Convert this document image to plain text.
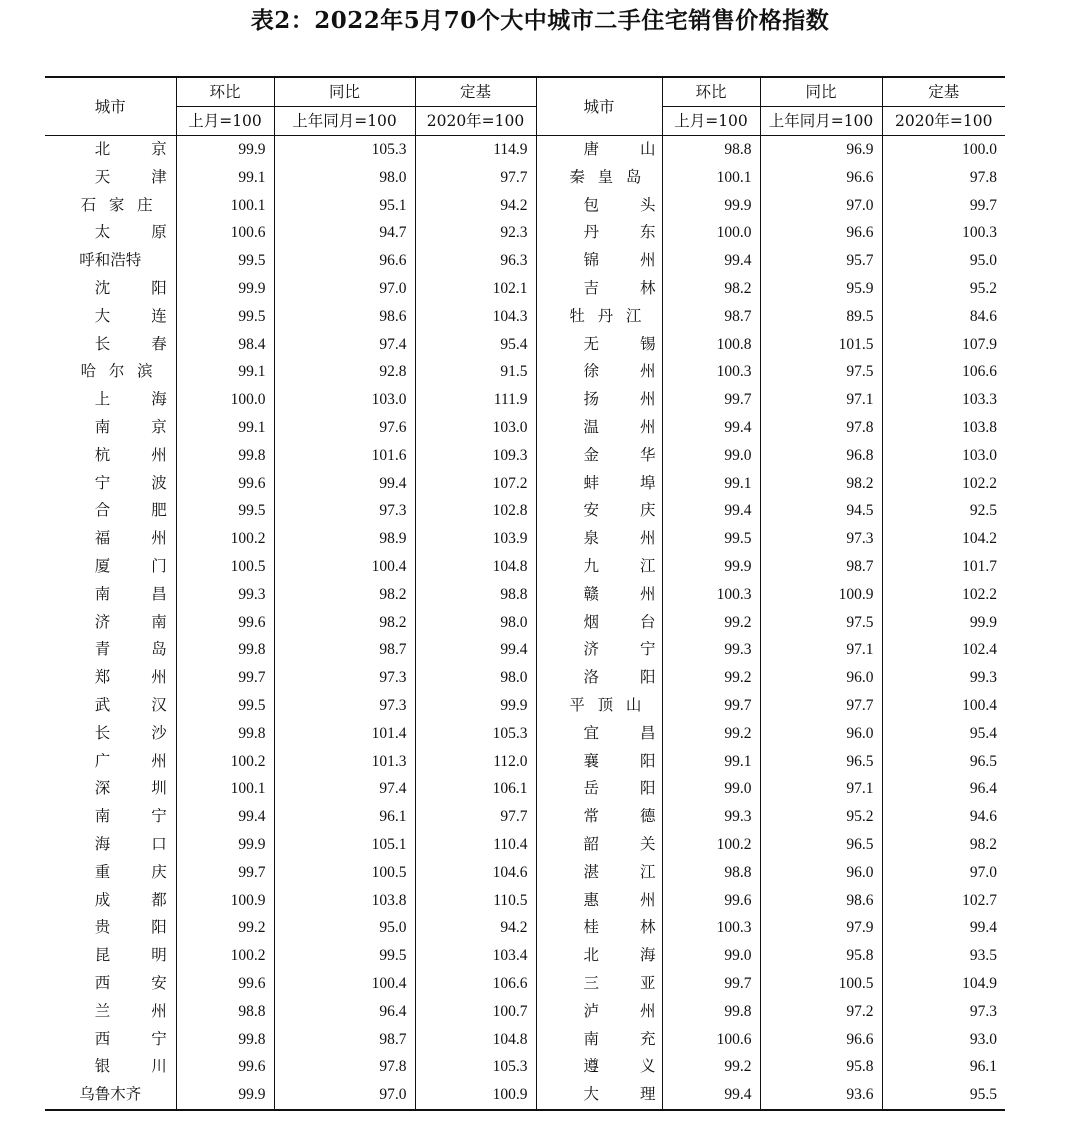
表2：2022年5月70个大中城市二手住宅销售价格指数
城市	环比	同比	定基	城市	环比	同比	定基
	上月=100	上年同月=100	2020年=100		上月=100	上年同月=100	2020年=100
北京	99.9	105.3	114.9	唐山	98.8	96.9	100.0
天津	99.1	98.0	97.7	秦皇岛	100.1	96.6	97.8
石家庄	100.1	95.1	94.2	包头	99.9	97.0	99.7
太原	100.6	94.7	92.3	丹东	100.0	96.6	100.3
呼和浩特	99.5	96.6	96.3	锦州	99.4	95.7	95.0
沈阳	99.9	97.0	102.1	吉林	98.2	95.9	95.2
大连	99.5	98.6	104.3	牡丹江	98.7	89.5	84.6
长春	98.4	97.4	95.4	无锡	100.8	101.5	107.9
哈尔滨	99.1	92.8	91.5	徐州	100.3	97.5	106.6
上海	100.0	103.0	111.9	扬州	99.7	97.1	103.3
南京	99.1	97.6	103.0	温州	99.4	97.8	103.8
杭州	99.8	101.6	109.3	金华	99.0	96.8	103.0
宁波	99.6	99.4	107.2	蚌埠	99.1	98.2	102.2
合肥	99.5	97.3	102.8	安庆	99.4	94.5	92.5
福州	100.2	98.9	103.9	泉州	99.5	97.3	104.2
厦门	100.5	100.4	104.8	九江	99.9	98.7	101.7
南昌	99.3	98.2	98.8	赣州	100.3	100.9	102.2
济南	99.6	98.2	98.0	烟台	99.2	97.5	99.9
青岛	99.8	98.7	99.4	济宁	99.3	97.1	102.4
郑州	99.7	97.3	98.0	洛阳	99.2	96.0	99.3
武汉	99.5	97.3	99.9	平顶山	99.7	97.7	100.4
长沙	99.8	101.4	105.3	宜昌	99.2	96.0	95.4
广州	100.2	101.3	112.0	襄阳	99.1	96.5	96.5
深圳	100.1	97.4	106.1	岳阳	99.0	97.1	96.4
南宁	99.4	96.1	97.7	常德	99.3	95.2	94.6
海口	99.9	105.1	110.4	韶关	100.2	96.5	98.2
重庆	99.7	100.5	104.6	湛江	98.8	96.0	97.0
成都	100.9	103.8	110.5	惠州	99.6	98.6	102.7
贵阳	99.2	95.0	94.2	桂林	100.3	97.9	99.4
昆明	100.2	99.5	103.4	北海	99.0	95.8	93.5
西安	99.6	100.4	106.6	三亚	99.7	100.5	104.9
兰州	98.8	96.4	100.7	泸州	99.8	97.2	97.3
西宁	99.8	98.7	104.8	南充	100.6	96.6	93.0
银川	99.6	97.8	105.3	遵义	99.2	95.8	96.1
乌鲁木齐	99.9	97.0	100.9	大理	99.4	93.6	95.5
